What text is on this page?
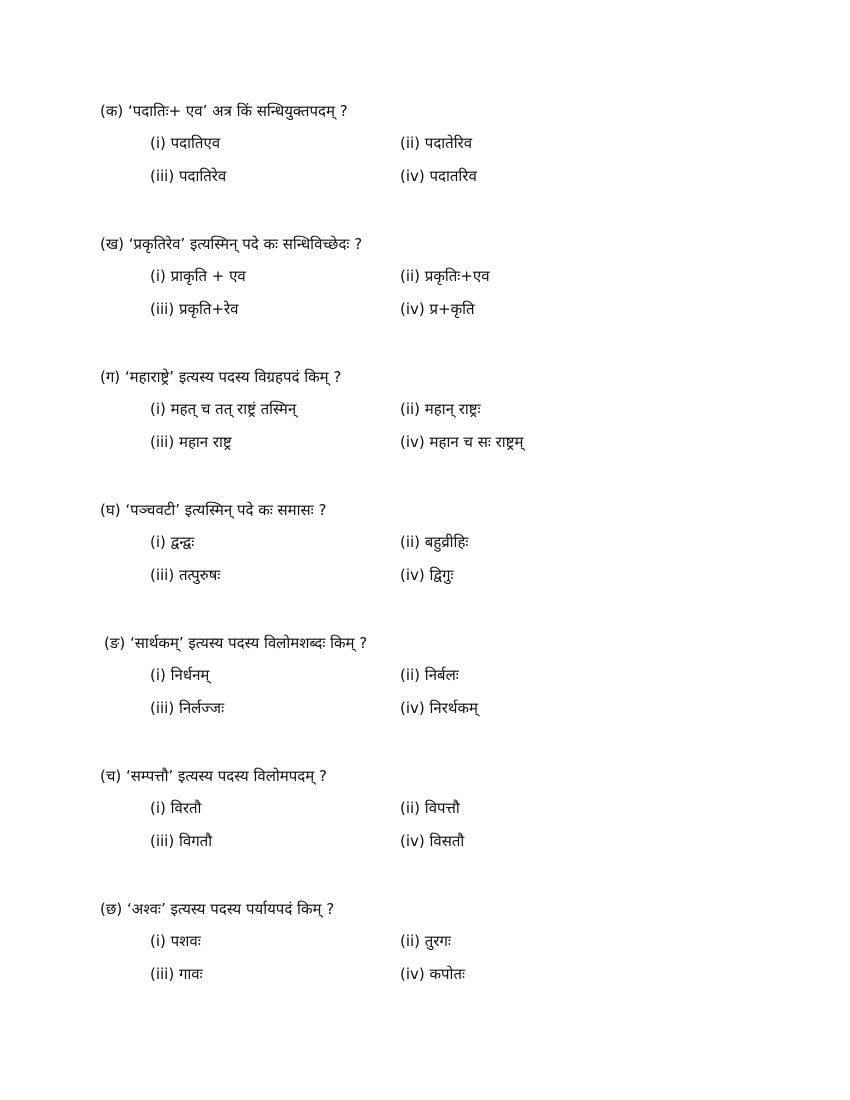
(क) ‘पदातिः+ एव’ अत्र किं सन्धियुक्तपदम् ?
(i) पदातिएव	(ii) पदातेरिव
(iii) पदातिरेव	(iv) पदातरिव
(ख) ‘प्रकृतिरेव’ इत्यस्मिन् पदे कः सन्धिविच्छेदः ?
(i) प्राकृति + एव	(ii) प्रकृतिः+एव
(iii) प्रकृति+रेव	(iv) प्र+कृति
(ग) ‘महाराष्ट्रे’ इत्यस्य पदस्य विग्रहपदं किम् ?
(i) महत् च तत् राष्ट्रं तस्मिन्	(ii) महान् राष्ट्रः
(iii) महान राष्ट्र	(iv) महान च सः राष्ट्रम्
(घ) ‘पञ्चवटी’ इत्यस्मिन् पदे कः समासः ?
(i) द्वन्द्वः	(ii) बहुव्रीहिः
(iii) तत्पुरुषः	(iv) द्विगुः
(ङ) ‘सार्थकम्’ इत्यस्य पदस्य विलोमशब्दः किम् ?
(i) निर्धनम्	(ii) निर्बलः
(iii) निर्लज्जः	(iv) निरर्थकम्
(च) ‘सम्पत्तौ’ इत्यस्य पदस्य विलोमपदम् ?
(i) विरतौ	(ii) विपत्तौ
(iii) विगतौ	(iv) विसतौ
(छ) ‘अश्वः’ इत्यस्य पदस्य पर्यायपदं किम् ?
(i) पशवः	(ii) तुरगः
(iii) गावः	(iv) कपोतः
